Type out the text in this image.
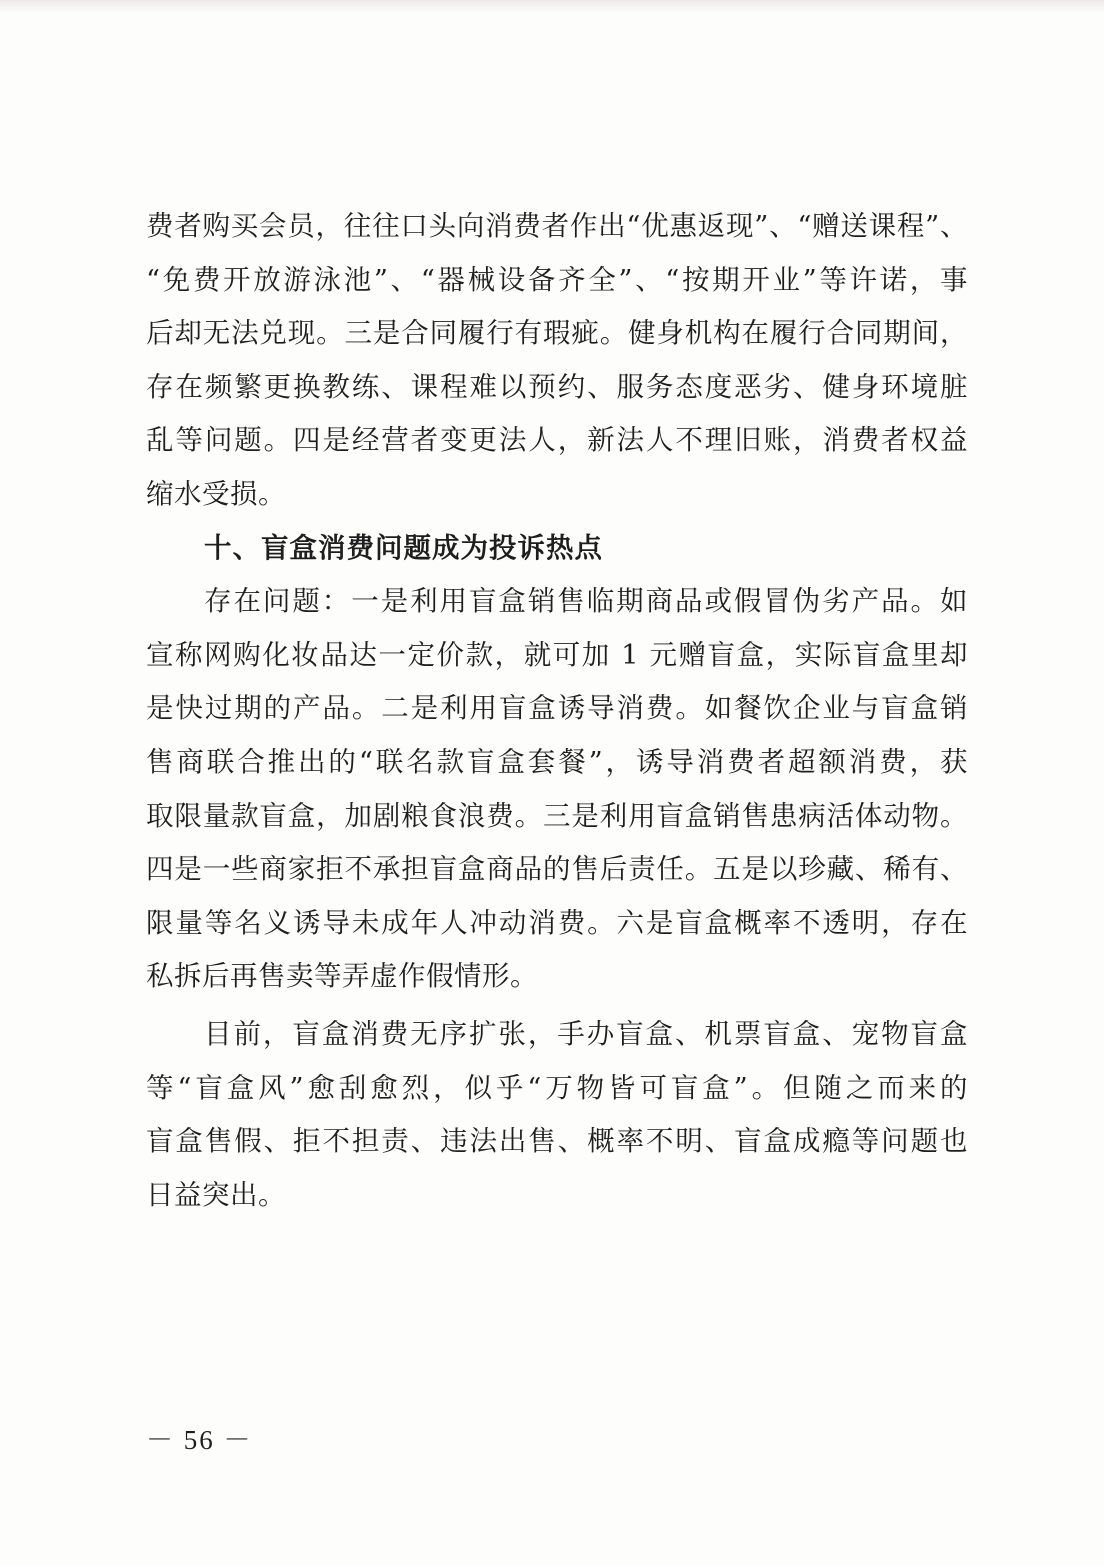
费者购买会员，往往口头向消费者作出“优惠返现”、“赠送课程”、
“免费开放游泳池”、“器械设备齐全”、“按期开业”等许诺，事
后却无法兑现。三是合同履行有瑕疵。健身机构在履行合同期间，
存在频繁更换教练、课程难以预约、服务态度恶劣、健身环境脏
乱等问题。四是经营者变更法人，新法人不理旧账，消费者权益
缩水受损。
十、盲盒消费问题成为投诉热点
存在问题：一是利用盲盒销售临期商品或假冒伪劣产品。如
宣称网购化妆品达一定价款，就可加 1 元赠盲盒，实际盲盒里却
是快过期的产品。二是利用盲盒诱导消费。如餐饮企业与盲盒销
售商联合推出的“联名款盲盒套餐”，诱导消费者超额消费，获
取限量款盲盒，加剧粮食浪费。三是利用盲盒销售患病活体动物。
四是一些商家拒不承担盲盒商品的售后责任。五是以珍藏、稀有、
限量等名义诱导未成年人冲动消费。六是盲盒概率不透明，存在
私拆后再售卖等弄虚作假情形。
目前，盲盒消费无序扩张，手办盲盒、机票盲盒、宠物盲盒
等“盲盒风”愈刮愈烈，似乎“万物皆可盲盒”。但随之而来的
盲盒售假、拒不担责、违法出售、概率不明、盲盒成瘾等问题也
日益突出。
－ 56 －
